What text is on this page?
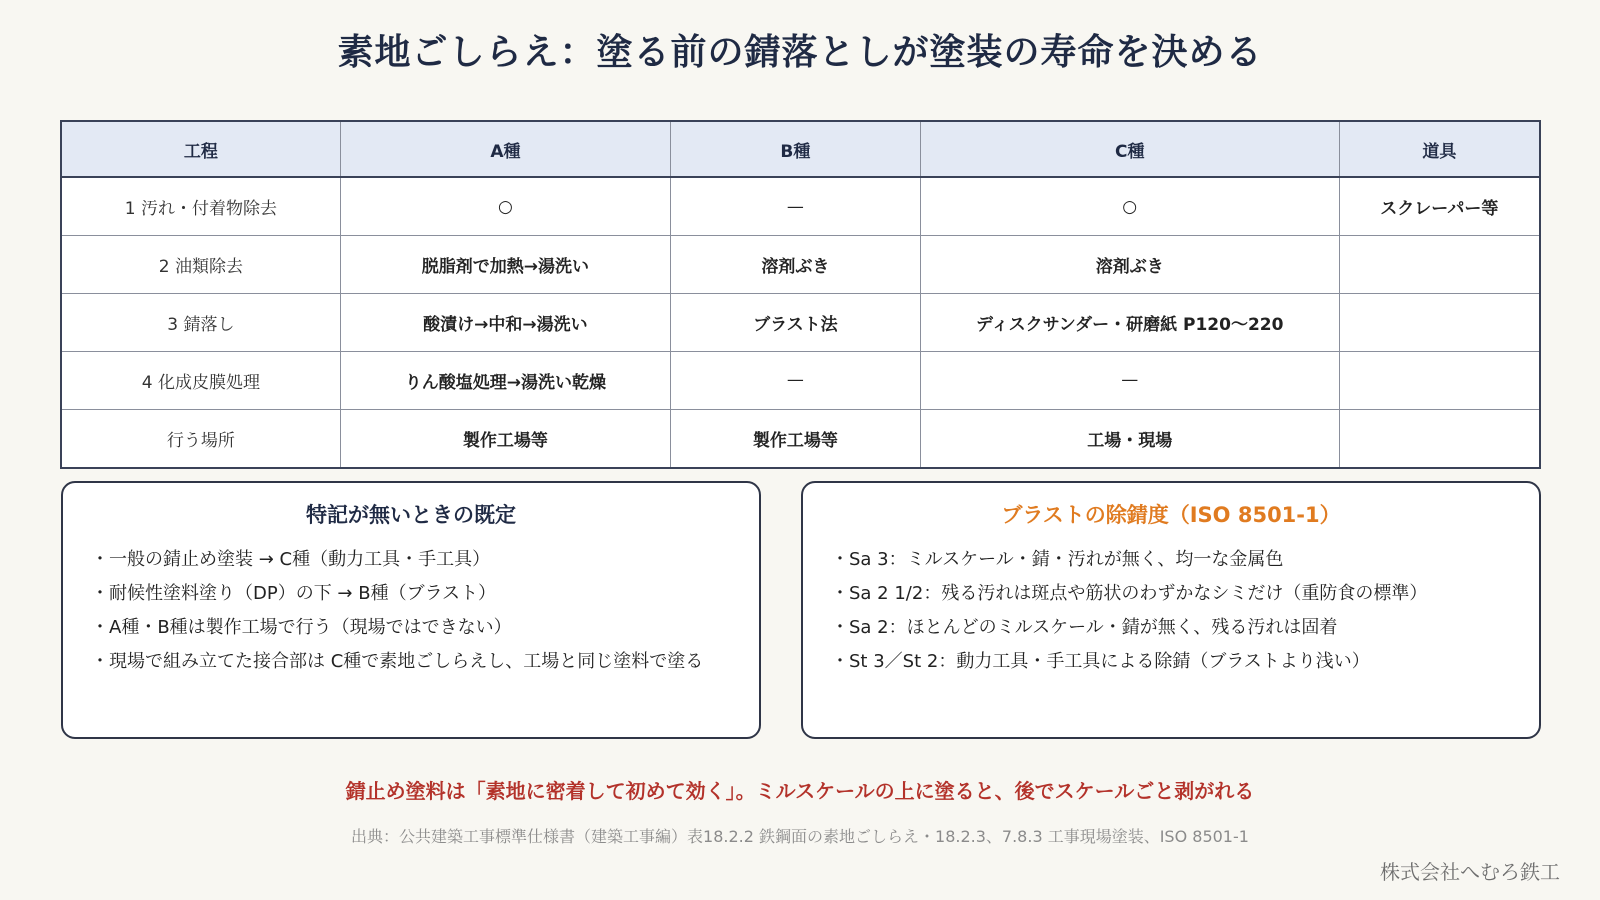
素地ごしらえ：塗る前の錆落としが塗装の寿命を決める
工程	A種	B種	C種	道具
1 汚れ・付着物除去	○	—	○	スクレーパー等
2 油類除去	脱脂剤で加熱→湯洗い	溶剤ぶき	溶剤ぶき	
3 錆落し	酸漬け→中和→湯洗い	ブラスト法	ディスクサンダー・研磨紙 P120～220	
4 化成皮膜処理	りん酸塩処理→湯洗い乾燥	—	—	
行う場所	製作工場等	製作工場等	工場・現場	
特記が無いときの既定
・一般の錆止め塗装 → C種（動力工具・手工具）
・耐候性塗料塗り（DP）の下 → B種（ブラスト）
・A種・B種は製作工場で行う（現場ではできない）
・現場で組み立てた接合部は C種で素地ごしらえし、工場と同じ塗料で塗る
ブラストの除錆度（ISO 8501-1）
・Sa 3：ミルスケール・錆・汚れが無く、均一な金属色
・Sa 2 1/2：残る汚れは斑点や筋状のわずかなシミだけ（重防食の標準）
・Sa 2：ほとんどのミルスケール・錆が無く、残る汚れは固着
・St 3／St 2：動力工具・手工具による除錆（ブラストより浅い）
錆止め塗料は「素地に密着して初めて効く」。ミルスケールの上に塗ると、後でスケールごと剥がれる
出典：公共建築工事標準仕様書（建築工事編）表18.2.2 鉄鋼面の素地ごしらえ・18.2.3、7.8.3 工事現場塗装、ISO 8501-1
株式会社へむろ鉄工
